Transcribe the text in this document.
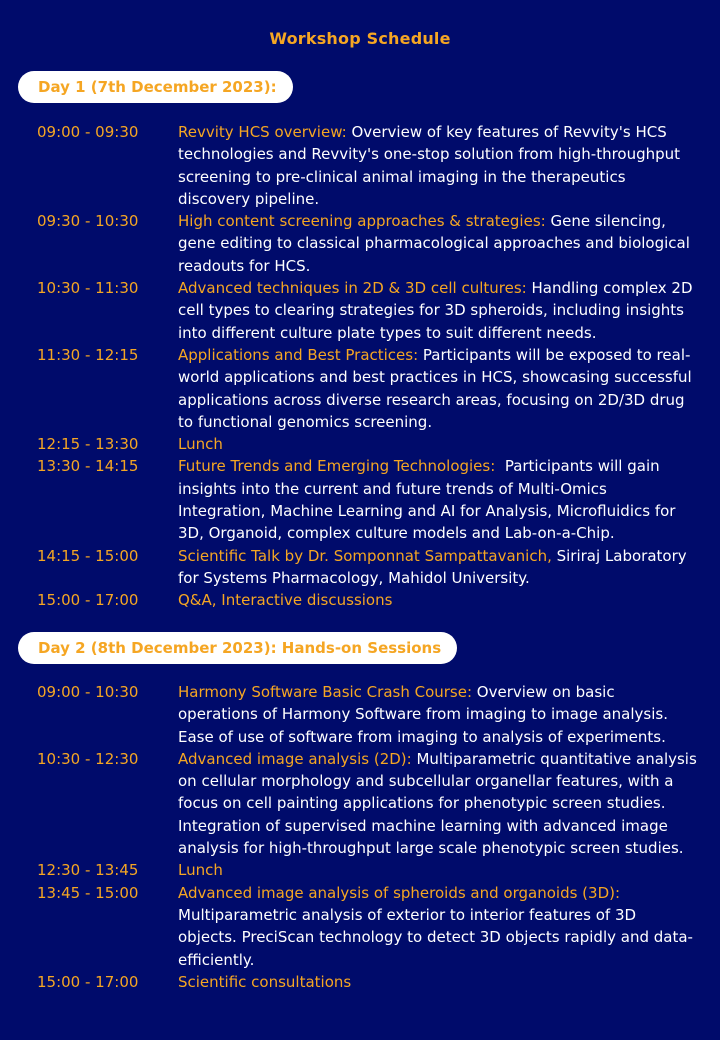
Workshop Schedule
Day 1 (7th December 2023):
09:00 - 09:30	Revvity HCS overview: Overview of key features of Revvity's HCS technologies and Revvity's one-stop solution from high-throughput screening to pre-clinical animal imaging in the therapeutics discovery pipeline.
09:30 - 10:30	High content screening approaches & strategies: Gene silencing, gene editing to classical pharmacological approaches and biological readouts for HCS.
10:30 - 11:30	Advanced techniques in 2D & 3D cell cultures: Handling complex 2D cell types to clearing strategies for 3D spheroids, including insights into different culture plate types to suit different needs.
11:30 - 12:15	Applications and Best Practices: Participants will be exposed to real-world applications and best practices in HCS, showcasing successful applications across diverse research areas, focusing on 2D/3D drug to functional genomics screening.
12:15 - 13:30	Lunch
13:30 - 14:15	Future Trends and Emerging Technologies:  Participants will gain insights into the current and future trends of Multi-Omics Integration, Machine Learning and AI for Analysis, Microfluidics for 3D, Organoid, complex culture models and Lab-on-a-Chip.
14:15 - 15:00	Scientific Talk by Dr. Somponnat Sampattavanich, Siriraj Laboratory for Systems Pharmacology, Mahidol University.
15:00 - 17:00	Q&A, Interactive discussions
Day 2 (8th December 2023): Hands-on Sessions
09:00 - 10:30	Harmony Software Basic Crash Course: Overview on basic operations of Harmony Software from imaging to image analysis. Ease of use of software from imaging to analysis of experiments.
10:30 - 12:30	Advanced image analysis (2D): Multiparametric quantitative analysis on cellular morphology and subcellular organellar features, with a focus on cell painting applications for phenotypic screen studies. Integration of supervised machine learning with advanced image analysis for high-throughput large scale phenotypic screen studies.
12:30 - 13:45	Lunch
13:45 - 15:00	Advanced image analysis of spheroids and organoids (3D): Multiparametric analysis of exterior to interior features of 3D objects. PreciScan technology to detect 3D objects rapidly and data-efficiently.
15:00 - 17:00	Scientific consultations
